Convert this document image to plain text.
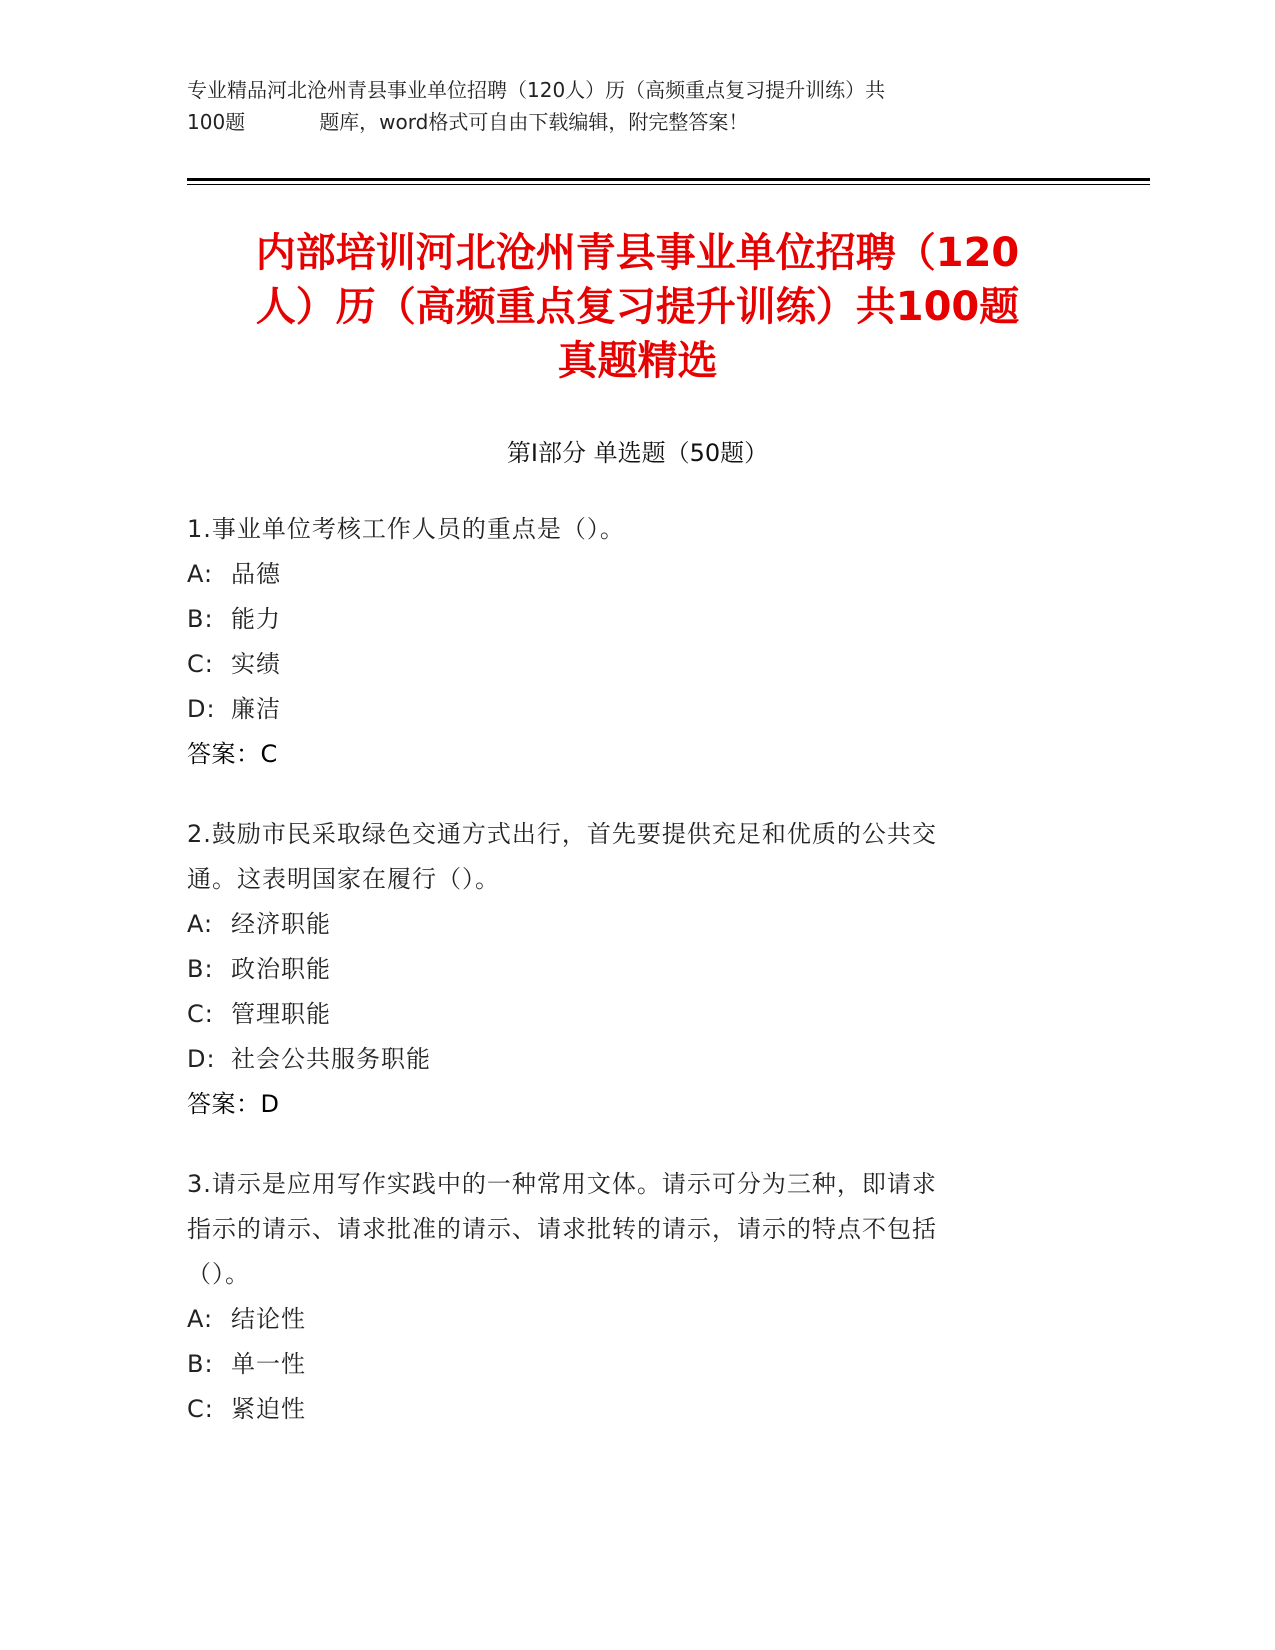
专业精品河北沧州青县事业单位招聘（120人）历（高频重点复习提升训练）共
100题	题库，word格式可自由下载编辑，附完整答案！
内部培训河北沧州青县事业单位招聘（120
人）历（高频重点复习提升训练）共100题
真题精选
第Ⅰ部分 单选题（50题）
1.事业单位考核工作人员的重点是（）。
A: 品德
B: 能力
C: 实绩
D: 廉洁
答案：C
2.鼓励市民采取绿色交通方式出行，首先要提供充足和优质的公共交
通。这表明国家在履行（）。
A: 经济职能
B: 政治职能
C: 管理职能
D: 社会公共服务职能
答案：D
3.请示是应用写作实践中的一种常用文体。请示可分为三种，即请求
指示的请示、请求批准的请示、请求批转的请示，请示的特点不包括
（）。
A: 结论性
B: 单一性
C: 紧迫性
